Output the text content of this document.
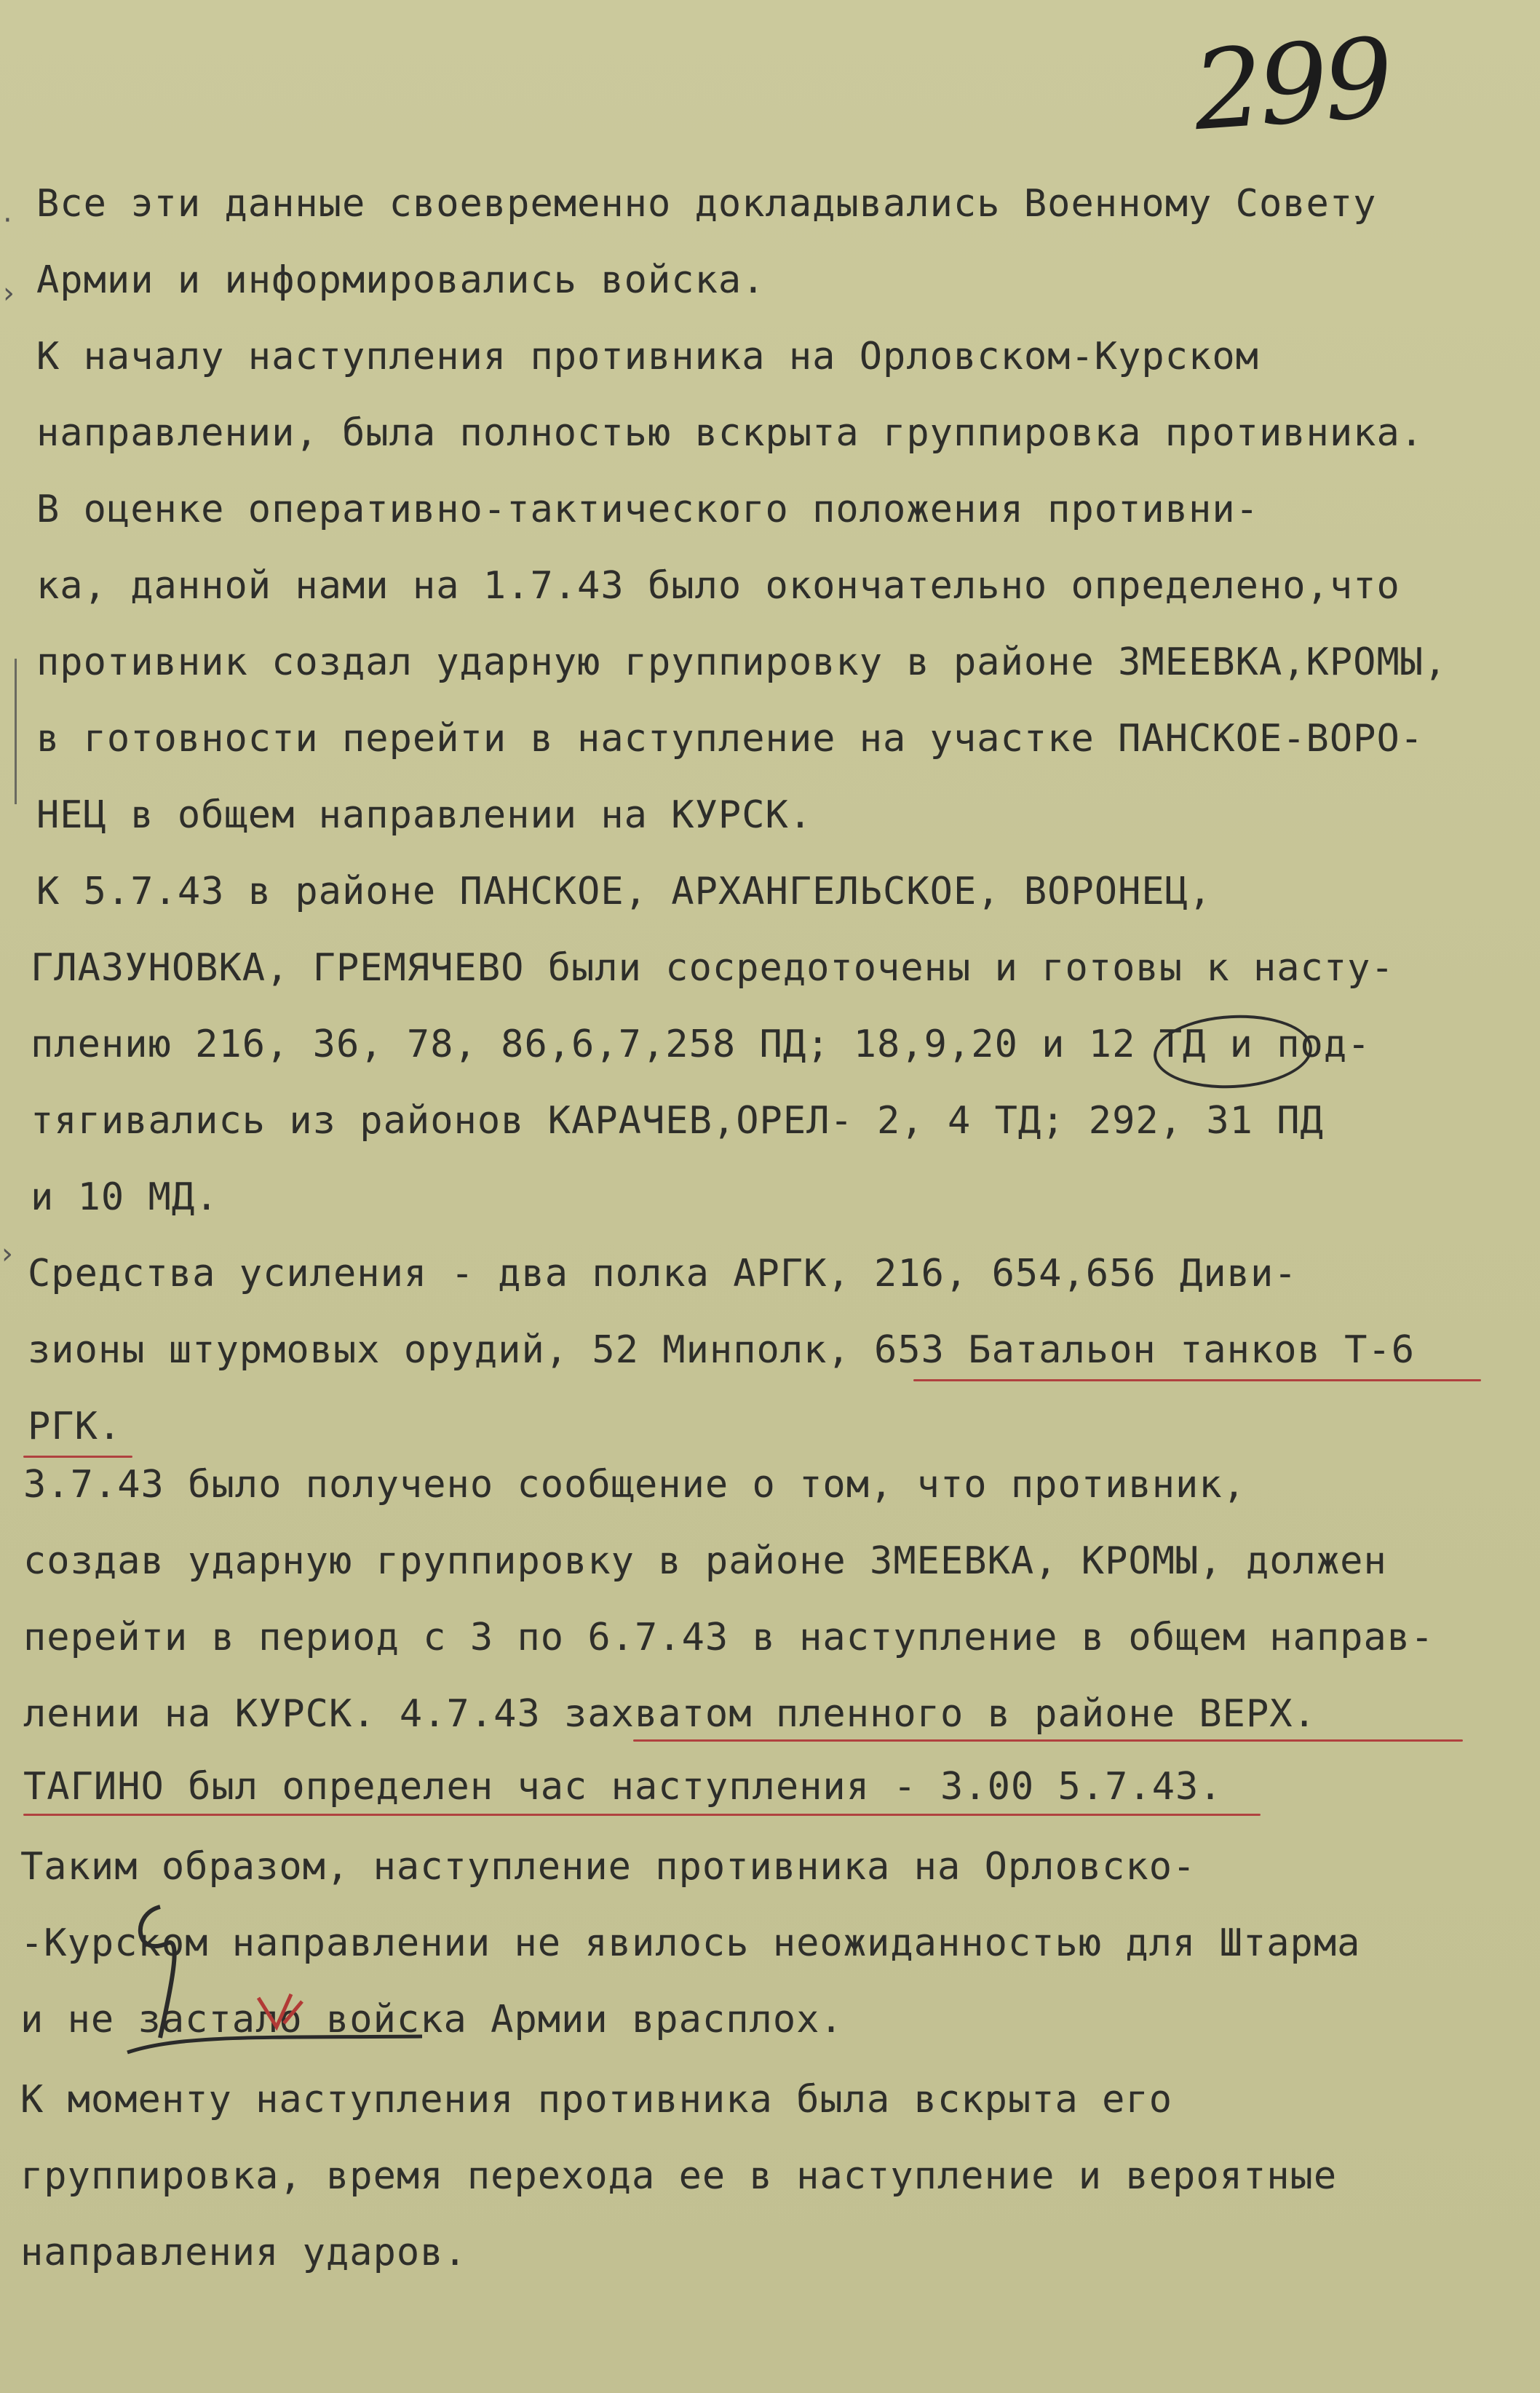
299
·
›
›
Все эти данные своевременно докладывались Военному Совету
Армии и информировались войска.
К началу наступления противника на Орловском-Курском
направлении, была полностью вскрыта группировка противника.
В оценке оперативно-тактического положения противни-
ка, данной нами на 1.7.43 было окончательно определено,что
противник создал ударную группировку в районе ЗМЕЕВКА,КРОМЫ,
в готовности перейти в наступление на участке ПАНСКОЕ-ВОРО-
НЕЦ в общем направлении на КУРСК.
К 5.7.43 в районе ПАНСКОЕ, АРХАНГЕЛЬСКОЕ, ВОРОНЕЦ,
ГЛАЗУНОВКА, ГРЕМЯЧЕВО были сосредоточены и готовы к насту-
плению 216, 36, 78, 86,6,7,258 ПД; 18,9,20 и 12 ТД и под-
тягивались из районов КАРАЧЕВ,ОРЕЛ- 2, 4 ТД; 292, 31 ПД
и 10 МД.
Средства усиления - два полка АРГК, 216, 654,656 Диви-
зионы штурмовых орудий, 52 Минполк, 653 Батальон танков Т-6
РГК.
3.7.43 было получено сообщение о том, что противник,
создав ударную группировку в районе ЗМЕЕВКА, КРОМЫ, должен
перейти в период с 3 по 6.7.43 в наступление в общем направ-
лении на КУРСК. 4.7.43 захватом пленного в районе ВЕРХ.
ТАГИНО был определен час наступления - 3.00 5.7.43.
Таким образом, наступление противника на Орловско-
-Курском направлении не явилось неожиданностью для Штарма
и не застало войска Армии врасплох.
К моменту наступления противника была вскрыта его
группировка, время перехода ее в наступление и вероятные
направления ударов.
